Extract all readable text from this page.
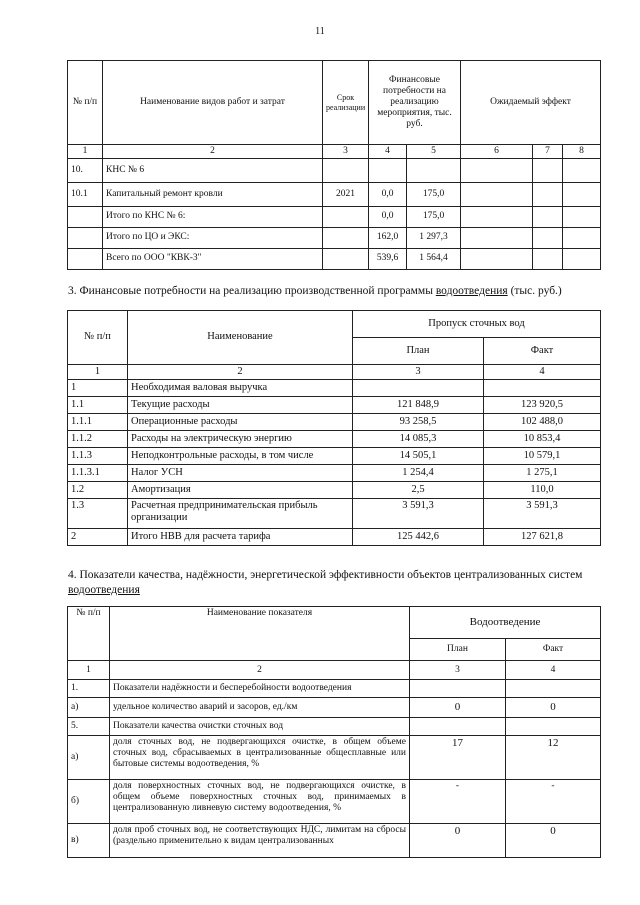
11
№ п/п	Наименование видов работ и затрат	Срок реализации	Финансовые потребности на реализацию мероприятия, тыс. руб.		Ожидаемый эффект		
1	2	3	4	5	6	7	8
10.	КНС № 6						
10.1	Капитальный ремонт кровли	2021	0,0	175,0			
	Итого по КНС № 6:		0,0	175,0			
	Итого по ЦО и ЭКС:		162,0	1 297,3			
	Всего по ООО "КВК-3"		539,6	1 564,4			
3. Финансовые потребности на реализацию производственной программы водоотведения (тыс. руб.)
№ п/п	Наименование	Пропуск сточных вод	
		План	Факт
1	2	3	4
1	Необходимая валовая выручка		
1.1	Текущие расходы	121 848,9	123 920,5
1.1.1	Операционные расходы	93 258,5	102 488,0
1.1.2	Расходы на электрическую энергию	14 085,3	10 853,4
1.1.3	Неподконтрольные расходы, в том числе	14 505,1	10 579,1
1.1.3.1	Налог УСН	1 254,4	1 275,1
1.2	Амортизация	2,5	110,0
1.3	Расчетная предпринимательская прибыль организации	3 591,3	3 591,3
2	Итого НВВ для расчета тарифа	125 442,6	127 621,8
4. Показатели качества, надёжности, энергетической эффективности объектов централизованных систем
водоотведения
№ п/п	Наименование показателя	Водоотведение	
		План	Факт
1	2	3	4
1.	Показатели надёжности и бесперебойности водоотведения		
а)	удельное количество аварий и засоров, ед./км	0	0
5.	Показатели качества очистки сточных вод		
а)	доля сточных вод, не подвергающихся очистке, в общем объеме сточных вод, сбрасываемых в централизованные общесплавные или бытовые системы водоотведения, %	17	12
б)	доля поверхностных сточных вод, не подвергающихся очистке, в общем объеме поверхностных сточных вод, принимаемых в централизованную ливневую систему водоотведения, %	-	-
в)	доля проб сточных вод, не соответствующих НДС, лимитам на сбросы (раздельно применительно к видам централизованных	0	0
